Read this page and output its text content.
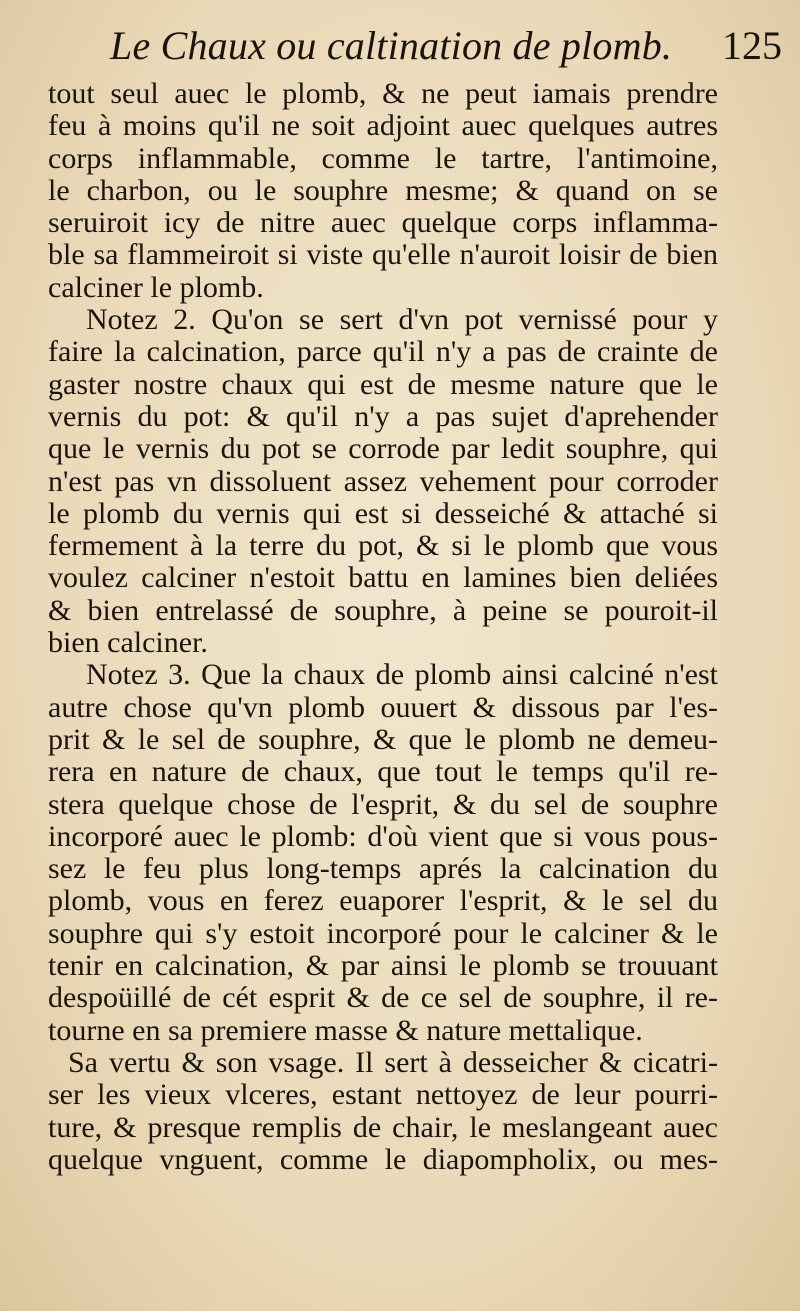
Le Chaux ou caltination de plomb. 125
tout seul auec le plomb, & ne peut iamais prendre
feu à moins qu'il ne soit adjoint auec quelques autres
corps inflammable, comme le tartre, l'antimoine,
le charbon, ou le souphre mesme; & quand on se
seruiroit icy de nitre auec quelque corps inflamma-
ble sa flammeiroit si viste qu'elle n'auroit loisir de bien
calciner le plomb.
Notez 2. Qu'on se sert d'vn pot vernissé pour y
faire la calcination, parce qu'il n'y a pas de crainte de
gaster nostre chaux qui est de mesme nature que le
vernis du pot: & qu'il n'y a pas sujet d'aprehender
que le vernis du pot se corrode par ledit souphre, qui
n'est pas vn dissoluent assez vehement pour corroder
le plomb du vernis qui est si desseiché & attaché si
fermement à la terre du pot, & si le plomb que vous
voulez calciner n'estoit battu en lamines bien deliées
& bien entrelassé de souphre, à peine se pouroit-il
bien calciner.
Notez 3. Que la chaux de plomb ainsi calciné n'est
autre chose qu'vn plomb ouuert & dissous par l'es-
prit & le sel de souphre, & que le plomb ne demeu-
rera en nature de chaux, que tout le temps qu'il re-
stera quelque chose de l'esprit, & du sel de souphre
incorporé auec le plomb: d'où vient que si vous pous-
sez le feu plus long-temps aprés la calcination du
plomb, vous en ferez euaporer l'esprit, & le sel du
souphre qui s'y estoit incorporé pour le calciner & le
tenir en calcination, & par ainsi le plomb se trouuant
despoüillé de cét esprit & de ce sel de souphre, il re-
tourne en sa premiere masse & nature mettalique.
Sa vertu & son vsage. Il sert à desseicher & cicatri-
ser les vieux vlceres, estant nettoyez de leur pourri-
ture, & presque remplis de chair, le meslangeant auec
quelque vnguent, comme le diapompholix, ou mes-
